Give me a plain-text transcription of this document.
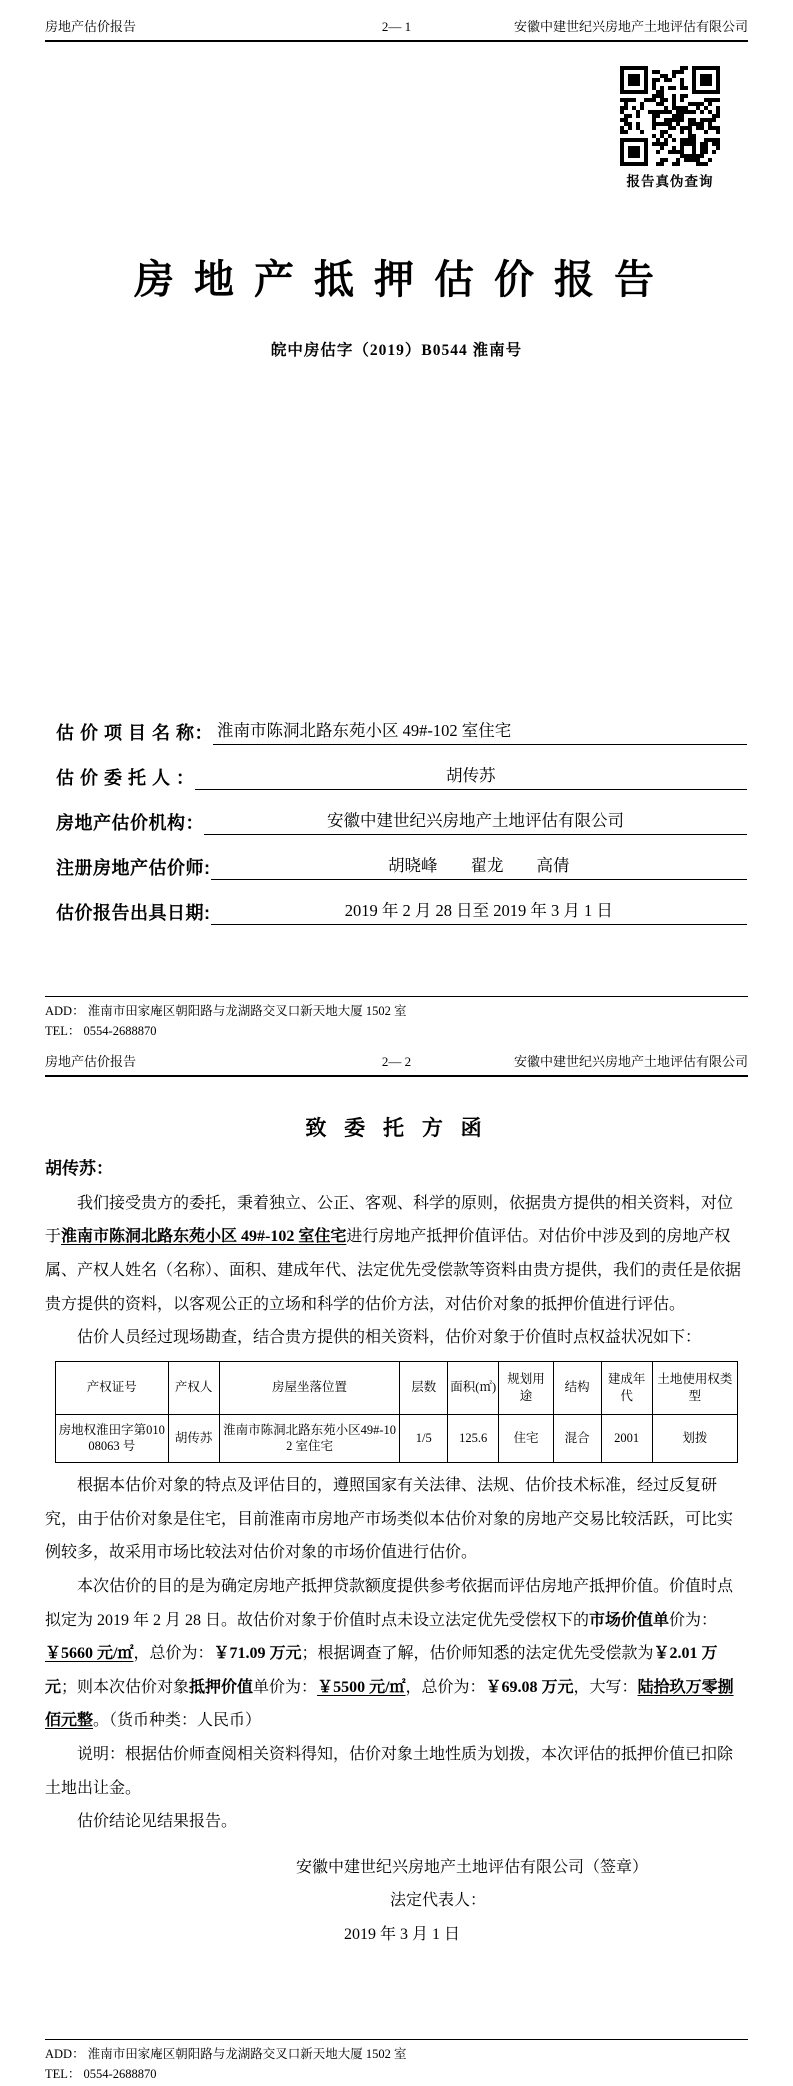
2— 1
房地产估价报告	安徽中建世纪兴房地产土地评估有限公司
报告真伪查询
房 地 产 抵 押 估 价 报 告
皖中房估字（2019）B0544 淮南号
估 价 项 目 名 称： 淮南市陈洞北路东苑小区 49#-102 室住宅
估 价 委 托 人 ：	胡传苏
房地产估价机构：	安徽中建世纪兴房地产土地评估有限公司
注册房地产估价师:	胡晓峰　　翟龙　　高倩
估价报告出具日期:	2019 年 2 月 28 日至 2019 年 3 月 1 日
ADD： 淮南市田家庵区朝阳路与龙湖路交叉口新天地大厦 1502 室
TEL： 0554-2688870
2— 2
房地产估价报告	安徽中建世纪兴房地产土地评估有限公司

致 委 托 方 函

胡传苏：

我们接受贵方的委托，秉着独立、公正、客观、科学的原则，依据贵方提供的相关资料，对位于淮南市陈洞北路东苑小区 49#-102 室住宅进行房地产抵押价值评估。对估价中涉及到的房地产权属、产权人姓名（名称）、面积、建成年代、法定优先受偿款等资料由贵方提供，我们的责任是依据贵方提供的资料，以客观公正的立场和科学的估价方法，对估价对象的抵押价值进行评估。

估价人员经过现场勘查，结合贵方提供的相关资料，估价对象于价值时点权益状况如下：

产权证号	产权人	房屋坐落位置	层数	面积(㎡)	规划用途	结构	建成年代	土地使用权类型
房地权淮田字第01008063 号	胡传苏	淮南市陈洞北路东苑小区49#-102 室住宅	1/5	125.6	住宅	混合	2001	划拨

根据本估价对象的特点及评估目的，遵照国家有关法律、法规、估价技术标准，经过反复研究，由于估价对象是住宅，目前淮南市房地产市场类似本估价对象的房地产交易比较活跃，可比实例较多，故采用市场比较法对估价对象的市场价值进行估价。

本次估价的目的是为确定房地产抵押贷款额度提供参考依据而评估房地产抵押价值。价值时点拟定为 2019 年 2 月 28 日。故估价对象于价值时点未设立法定优先受偿权下的市场价值单价为：￥5660 元/㎡，总价为：￥71.09 万元；根据调查了解，估价师知悉的法定优先受偿款为￥2.01 万元；则本次估价对象抵押价值单价为：￥5500 元/㎡，总价为：￥69.08 万元，大写：陆拾玖万零捌佰元整。（货币种类：人民币）

说明：根据估价师查阅相关资料得知，估价对象土地性质为划拨，本次评估的抵押价值已扣除土地出让金。

估价结论见结果报告。

安徽中建世纪兴房地产土地评估有限公司（签章）
法定代表人：
2019 年 3 月 1 日
ADD： 淮南市田家庵区朝阳路与龙湖路交叉口新天地大厦 1502 室
TEL： 0554-2688870
